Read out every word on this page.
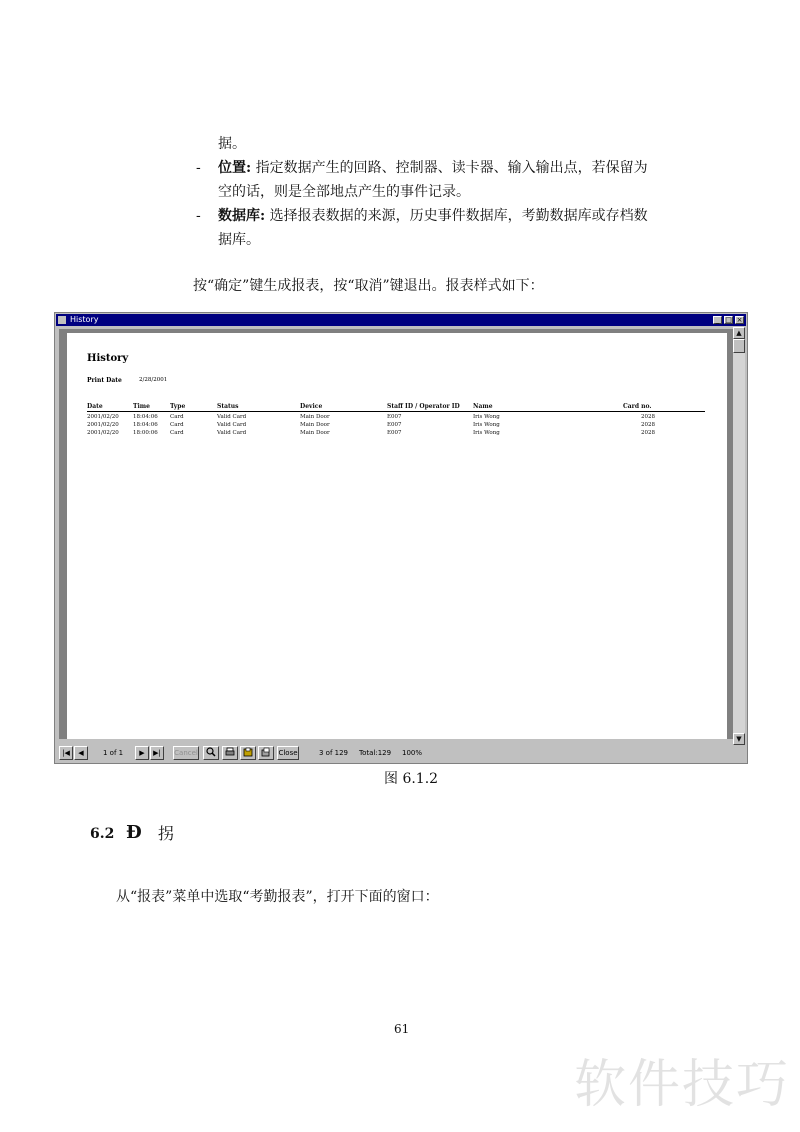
据。
- 位置: 指定数据产生的回路、控制器、读卡器、输入输出点，若保留为
空的话，则是全部地点产生的事件记录。
- 数据库: 选择报表数据的来源，历史事件数据库，考勤数据库或存档数
据库。
按“确定”键生成报表，按“取消”键退出。报表样式如下：
History	_ □ ×
History
Print Date	2/28/2001
Date	Time	Type	Status	Device	Staff ID / Operator ID Name	Card no.
2001/02/20	18:04:06 Card	Valid Card	Main Door	E007	Iris Wong	2028
2001/02/20	18:04:06 Card	Valid Card	Main Door	E007	Iris Wong	2028
2001/02/20	18:00:06 Card	Valid Card	Main Door	E007	Iris Wong	2028
▲
▼
|◀	◀	1 of 1	▶	▶|	Cancel	Close	3 of 129 Total:129 100%
图 6.1.2
6.2 Ð 拐
从“报表”菜单中选取“考勤报表”，打开下面的窗口：
61
软件技巧
